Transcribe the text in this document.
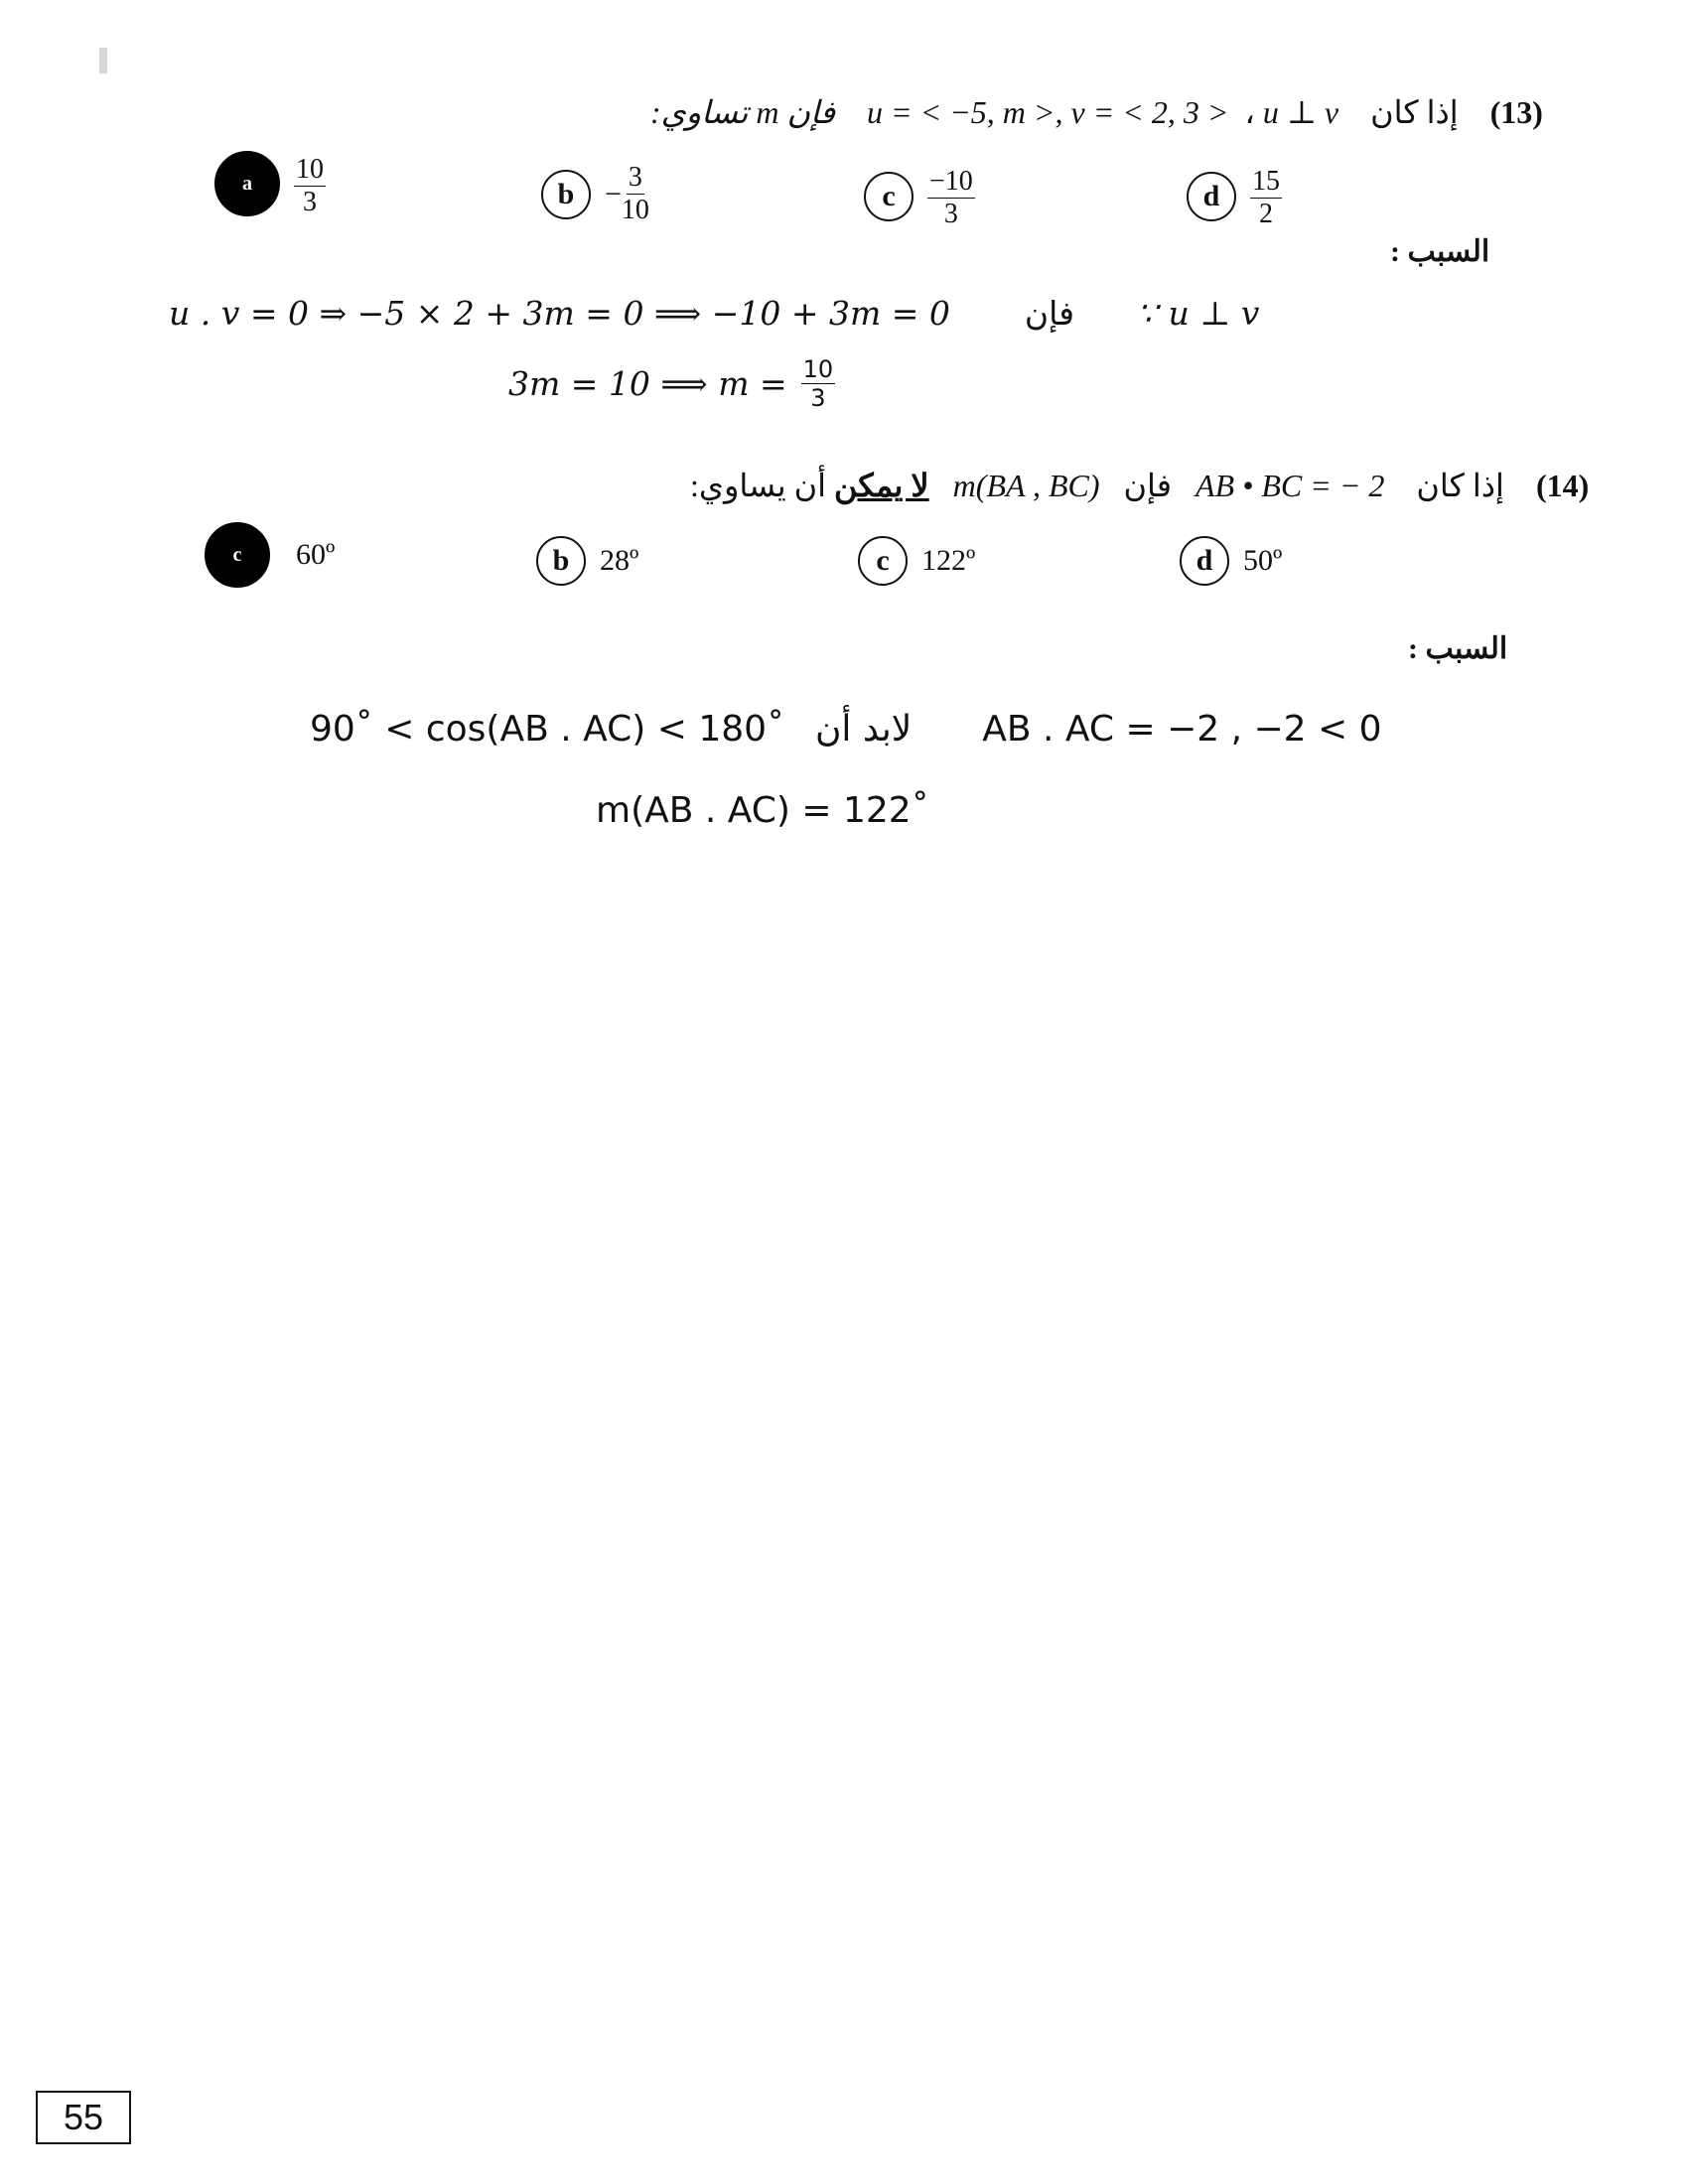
فإن m تساوي: u = < −5, m >, v = < 2, 3 >  ، u ⊥ v إذا كان (13)
a $\frac{10}{3}$	$b - \frac{3}{10}$	c $\frac{-10}{3}$	d $\frac{15}{2}$
السبب :
u . v = 0 ⇒ −5 × 2 + 3m = 0 ⟹ −10 + 3m = 0 فإن ∵ u ⊥ v
3m = 10 ⟹ $m = \frac{10}{3}$
أن يساوي: لا يمكن m(BA , BC) فإن AB • BC = − 2 إذا كان (14)
c 60º	b 28º	c 122º	d 50º
السبب :
90˚ < cos(AB . AC) < 180˚ لابد أن AB . AC = −2 , −2 < 0
m(AB . AC) = 122˚
55
